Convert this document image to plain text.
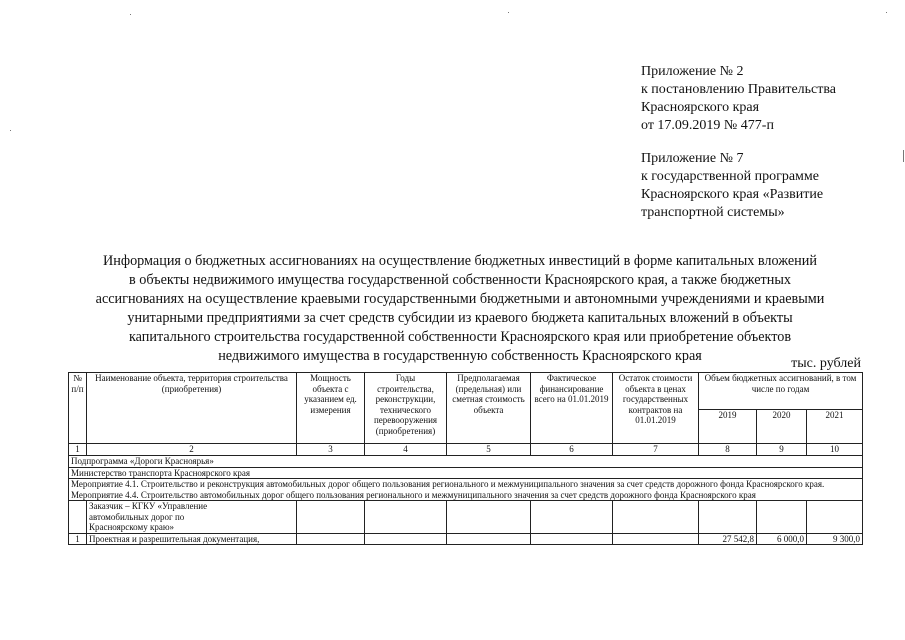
Приложение № 2
к постановлению Правительства
Красноярского края
от 17.09.2019 № 477-п
Приложение № 7
к государственной программе
Красноярского края «Развитие
транспортной системы»
Информация о бюджетных ассигнованиях на осуществление бюджетных инвестиций в форме капитальных вложений
в объекты недвижимого имущества государственной собственности Красноярского края, а также бюджетных
ассигнованиях на осуществление краевыми государственными бюджетными и автономными учреждениями и краевыми
унитарными предприятиями за счет средств субсидии из краевого бюджета капитальных вложений в объекты
капитального строительства государственной собственности Красноярского края или приобретение объектов
недвижимого имущества в государственную собственность Красноярского края	тыс. рублей
№ п/п	Наименование объекта, территория строительства (приобретения)	Мощность объекта с указанием ед. измерения	Годы строительства, реконструкции, технического перевооружения (приобретения)	Предполагаемая (предельная) или сметная стоимость объекта	Фактическое финансирование всего на 01.01.2019	Остаток стоимости объекта в ценах государственных контрактов на 01.01.2019	Объем бюджетных ассигнований, в том числе по годам		
							2019	2020	2021
1	2	3	4	5	6	7	8	9	10
Подпрограмма «Дороги Красноярья»									
Министерство транспорта Красноярского края									
Мероприятие 4.1. Строительство и реконструкция автомобильных дорог общего пользования регионального и межмуниципального значения за счет средств дорожного фонда Красноярского края.									
Мероприятие 4.4. Строительство автомобильных дорог общего пользования регионального и межмуниципального значения за счет средств дорожного фонда Красноярского края									
	Заказчик – КГКУ «Управление автомобильных дорог по Красноярскому краю»								
1	Проектная и разрешительная документация,						27 542,8	6 000,0	9 300,0
